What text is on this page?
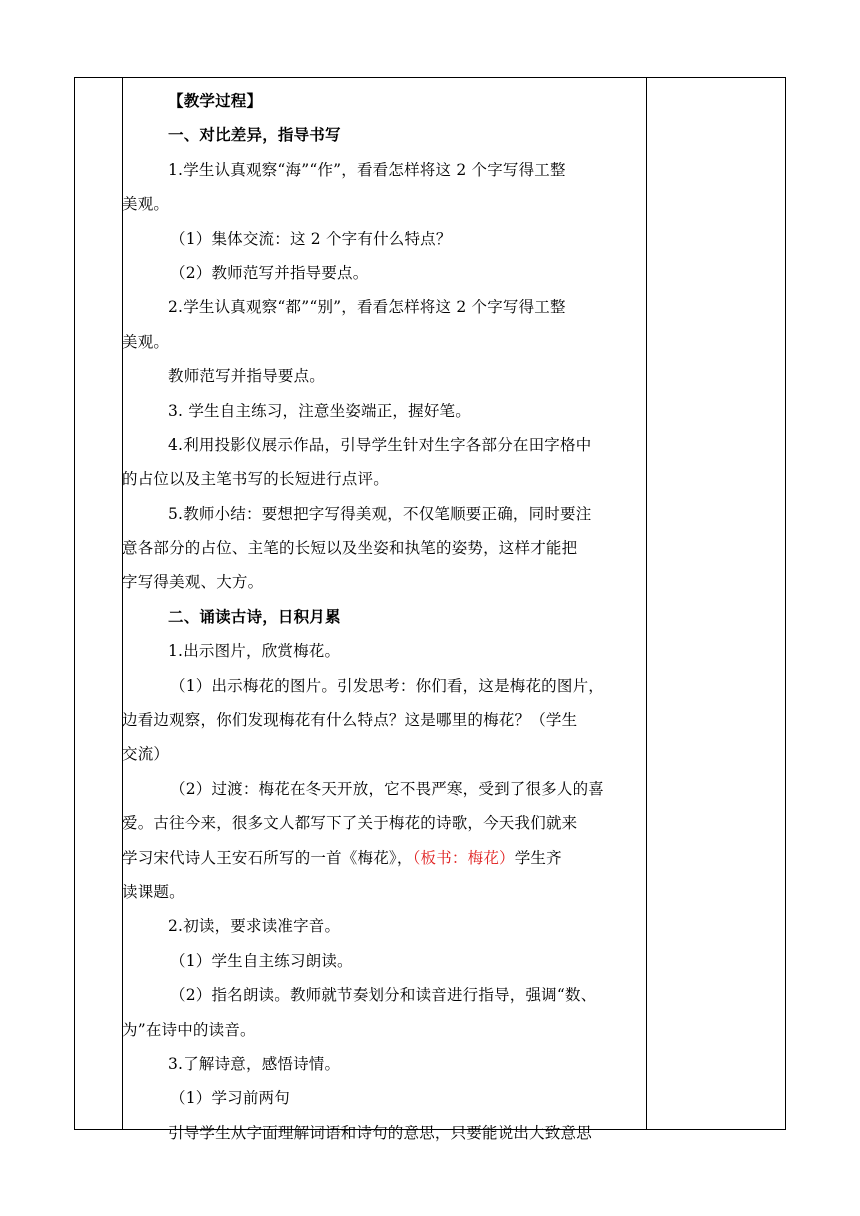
【教学过程】
一、对比差异，指导书写
1.学生认真观察“海”“作”，看看怎样将这 2 个字写得工整
美观。
（1）集体交流：这 2 个字有什么特点？
（2）教师范写并指导要点。
2.学生认真观察“都”“别”，看看怎样将这 2 个字写得工整
美观。
教师范写并指导要点。
3. 学生自主练习，注意坐姿端正，握好笔。
4.利用投影仪展示作品，引导学生针对生字各部分在田字格中
的占位以及主笔书写的长短进行点评。
5.教师小结：要想把字写得美观，不仅笔顺要正确，同时要注
意各部分的占位、主笔的长短以及坐姿和执笔的姿势，这样才能把
字写得美观、大方。
二、诵读古诗，日积月累
1.出示图片，欣赏梅花。
（1）出示梅花的图片。引发思考：你们看，这是梅花的图片，
边看边观察，你们发现梅花有什么特点？这是哪里的梅花？（学生
交流）
（2）过渡：梅花在冬天开放，它不畏严寒，受到了很多人的喜
爱。古往今来，很多文人都写下了关于梅花的诗歌，今天我们就来
学习宋代诗人王安石所写的一首《梅花》，（板书：梅花）学生齐
读课题。
2.初读，要求读准字音。
（1）学生自主练习朗读。
（2）指名朗读。教师就节奏划分和读音进行指导，强调“数、
为”在诗中的读音。
3.了解诗意，感悟诗情。
（1）学习前两句
引导学生从字面理解词语和诗句的意思，只要能说出大致意思
